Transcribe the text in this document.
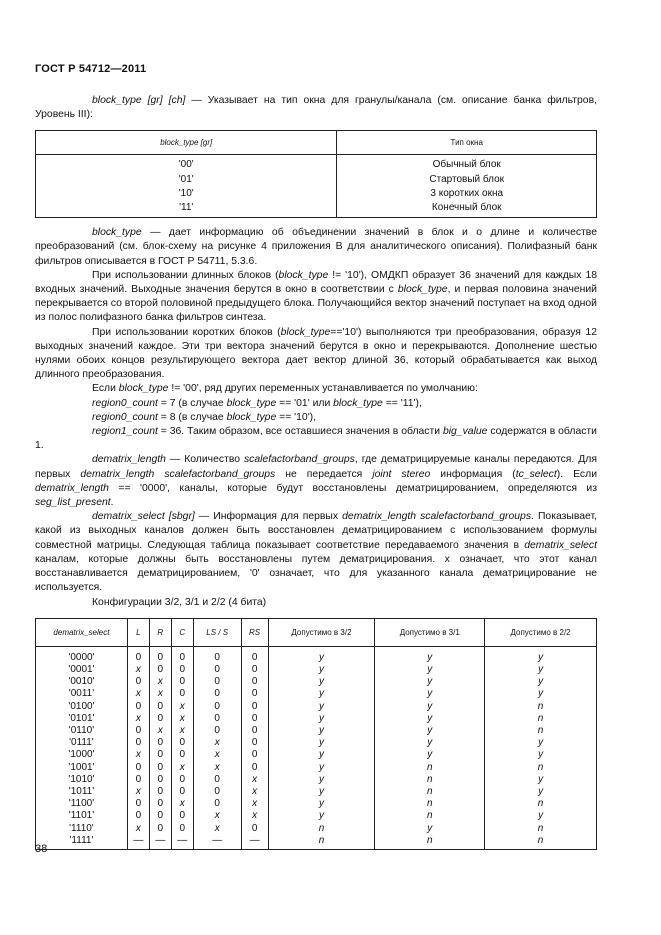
ГОСТ Р 54712—2011

block_type [gr] [ch] — Указывает на тип окна для гранулы/канала (см. описание банка фильтров, Уровень III):

block_type [gr]	Тип окна
'00'	Обычный блок
'01'	Стартовый блок
'10'	3 коротких окна
'11'	Конечный блок

block_type — дает информацию об объединении значений в блок и о длине и количестве преобразований (см. блок-схему на рисунке 4 приложения В для аналитического описания). Полифазный банк фильтров описывается в ГОСТ Р 54711, 5.3.6.

При использовании длинных блоков (block_type != '10'), ОМДКП образует 36 значений для каждых 18 входных значений. Выходные значения берутся в окно в соответствии с block_type, и первая половина значений перекрывается со второй половиной предыдущего блока. Получающийся вектор значений поступает на вход одной из полос полифазного банка фильтров синтеза.

При использовании коротких блоков (block_type=='10') выполняются три преобразования, образуя 12 выходных значений каждое. Эти три вектора значений берутся в окно и перекрываются. Дополнение шестью нулями обоих концов результирующего вектора дает вектор длиной 36, который обрабатывается как выход длинного преобразования.

Если block_type != '00', ряд других переменных устанавливается по умолчанию:

region0_count = 7 (в случае block_type == '01' или block_type == '11'),

region0_count = 8 (в случае block_type == '10'),

region1_count = 36. Таким образом, все оставшиеся значения в области big_value содержатся в области 1.

dematrix_length — Количество scalefactorband_groups, где дематрицируемые каналы передаются. Для первых dematrix_length scalefactorband_groups не передается joint stereo информация (tc_select). Если dematrix_length == '0000', каналы, которые будут восстановлены дематрицированием, определяются из seg_list_present.

dematrix_select [sbgr] — Информация для первых dematrix_length scalefactorband_groups. Показывает, какой из выходных каналов должен быть восстановлен дематрицированием с использованием формулы совместной матрицы. Следующая таблица показывает соответствие передаваемого значения в dematrix_select каналам, которые должны быть восстановлены путем дематрицирования. x означает, что этот канал восстанавливается дематрицированием, '0' означает, что для указанного канала дематрицирование не используется.

Конфигурации 3/2, 3/1 и 2/2 (4 бита)

dematrix_select	L	R	C	LS / S	RS	Допустимо в 3/2	Допустимо в 3/1	Допустимо в 2/2
'0000'	0	0	0	0	0	y	y	y
'0001'	x	0	0	0	0	y	y	y
'0010'	0	x	0	0	0	y	y	y
'0011'	x	x	0	0	0	y	y	y
'0100'	0	0	x	0	0	y	y	n
'0101'	x	0	x	0	0	y	y	n
'0110'	0	x	x	0	0	y	y	n
'0111'	0	0	0	x	0	y	y	y
'1000'	x	0	0	x	0	y	y	y
'1001'	0	0	x	x	0	y	n	n
'1010'	0	0	0	0	x	y	n	y
'1011'	x	0	0	0	x	y	n	y
'1100'	0	0	x	0	x	y	n	n
'1101'	0	0	0	x	x	y	n	y
'1110'	x	0	0	x	0	n	y	n
'1111'	—	—	—	—	—	n	n	n
38
